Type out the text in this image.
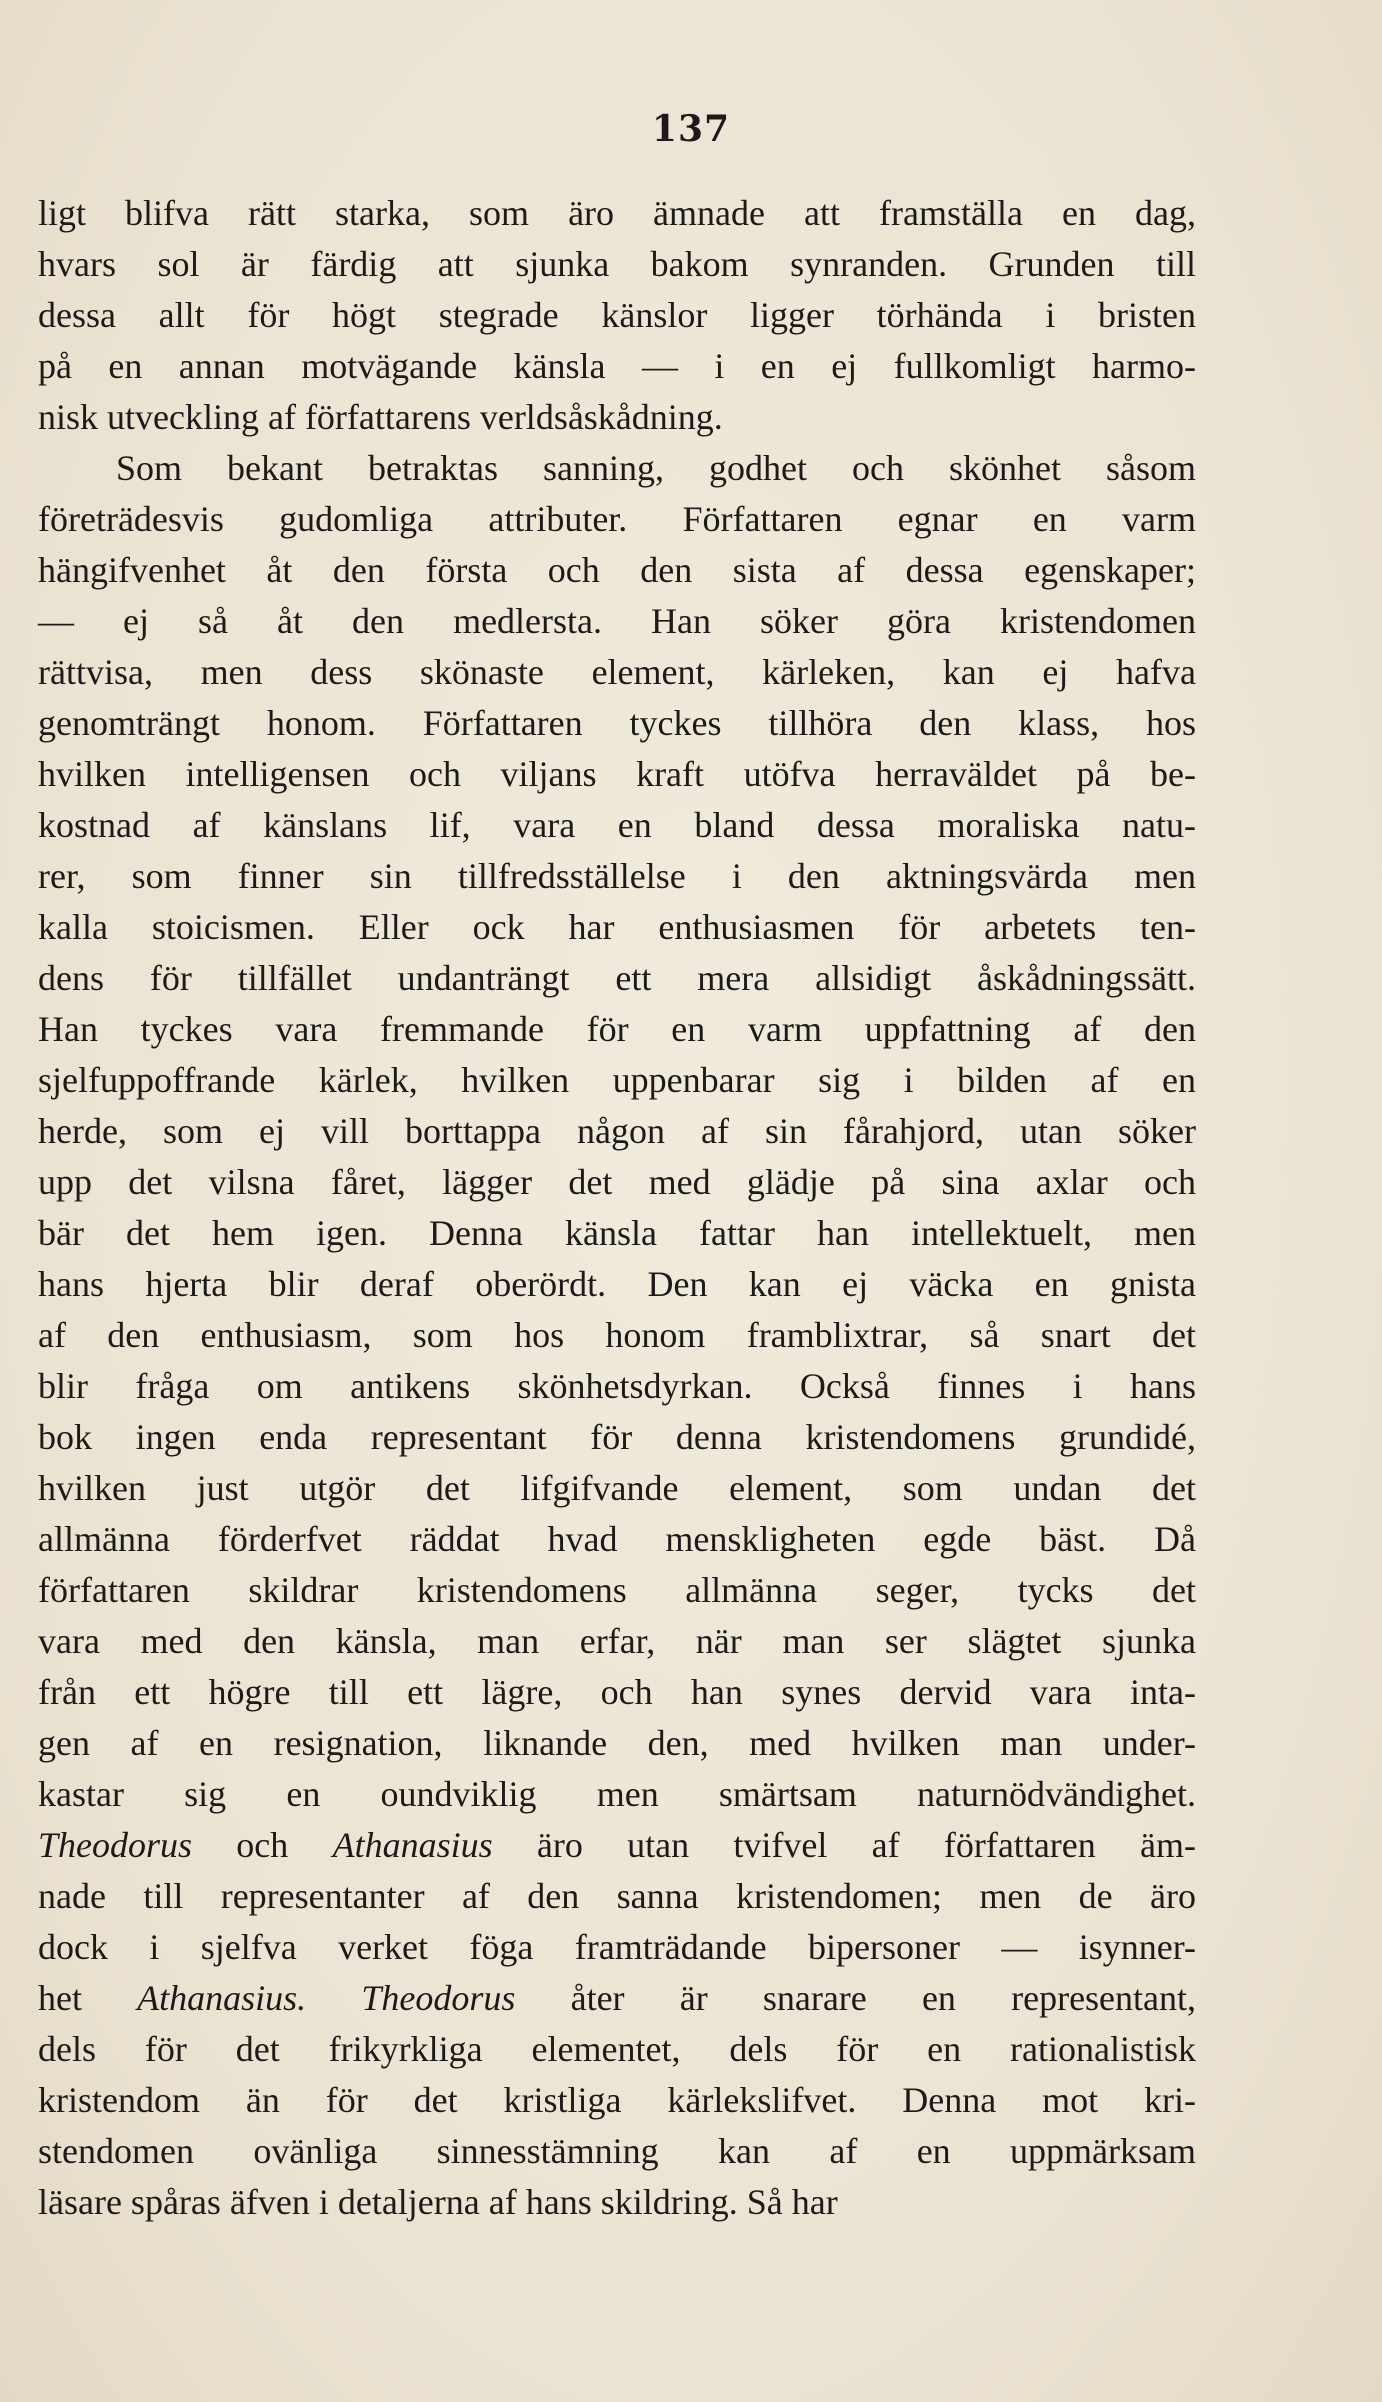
137
ligt blifva rätt starka, som äro ämnade att framställa en dag,
hvars sol är färdig att sjunka bakom synranden. Grunden till
dessa allt för högt stegrade känslor ligger törhända i bristen
på en annan motvägande känsla — i en ej fullkomligt harmo-
nisk utveckling af författarens verldsåskådning.
Som bekant betraktas sanning, godhet och skönhet såsom
företrädesvis gudomliga attributer. Författaren egnar en varm
hängifvenhet åt den första och den sista af dessa egenskaper;
— ej så åt den medlersta. Han söker göra kristendomen
rättvisa, men dess skönaste element, kärleken, kan ej hafva
genomträngt honom. Författaren tyckes tillhöra den klass, hos
hvilken intelligensen och viljans kraft utöfva herraväldet på be-
kostnad af känslans lif, vara en bland dessa moraliska natu-
rer, som finner sin tillfredsställelse i den aktningsvärda men
kalla stoicismen. Eller ock har enthusiasmen för arbetets ten-
dens för tillfället undanträngt ett mera allsidigt åskådningssätt.
Han tyckes vara fremmande för en varm uppfattning af den
sjelfuppoffrande kärlek, hvilken uppenbarar sig i bilden af en
herde, som ej vill borttappa någon af sin fårahjord, utan söker
upp det vilsna fåret, lägger det med glädje på sina axlar och
bär det hem igen. Denna känsla fattar han intellektuelt, men
hans hjerta blir deraf oberördt. Den kan ej väcka en gnista
af den enthusiasm, som hos honom framblixtrar, så snart det
blir fråga om antikens skönhetsdyrkan. Också finnes i hans
bok ingen enda representant för denna kristendomens grundidé,
hvilken just utgör det lifgifvande element, som undan det
allmänna förderfvet räddat hvad menskligheten egde bäst. Då
författaren skildrar kristendomens allmänna seger, tycks det
vara med den känsla, man erfar, när man ser slägtet sjunka
från ett högre till ett lägre, och han synes dervid vara inta-
gen af en resignation, liknande den, med hvilken man under-
kastar sig en oundviklig men smärtsam naturnödvändighet.
Theodorus och Athanasius äro utan tvifvel af författaren äm-
nade till representanter af den sanna kristendomen; men de äro
dock i sjelfva verket föga framträdande bipersoner — isynner-
het Athanasius. Theodorus åter är snarare en representant,
dels för det frikyrkliga elementet, dels för en rationalistisk
kristendom än för det kristliga kärlekslifvet. Denna mot kri-
stendomen ovänliga sinnesstämning kan af en uppmärksam
läsare spåras äfven i detaljerna af hans skildring. Så har
